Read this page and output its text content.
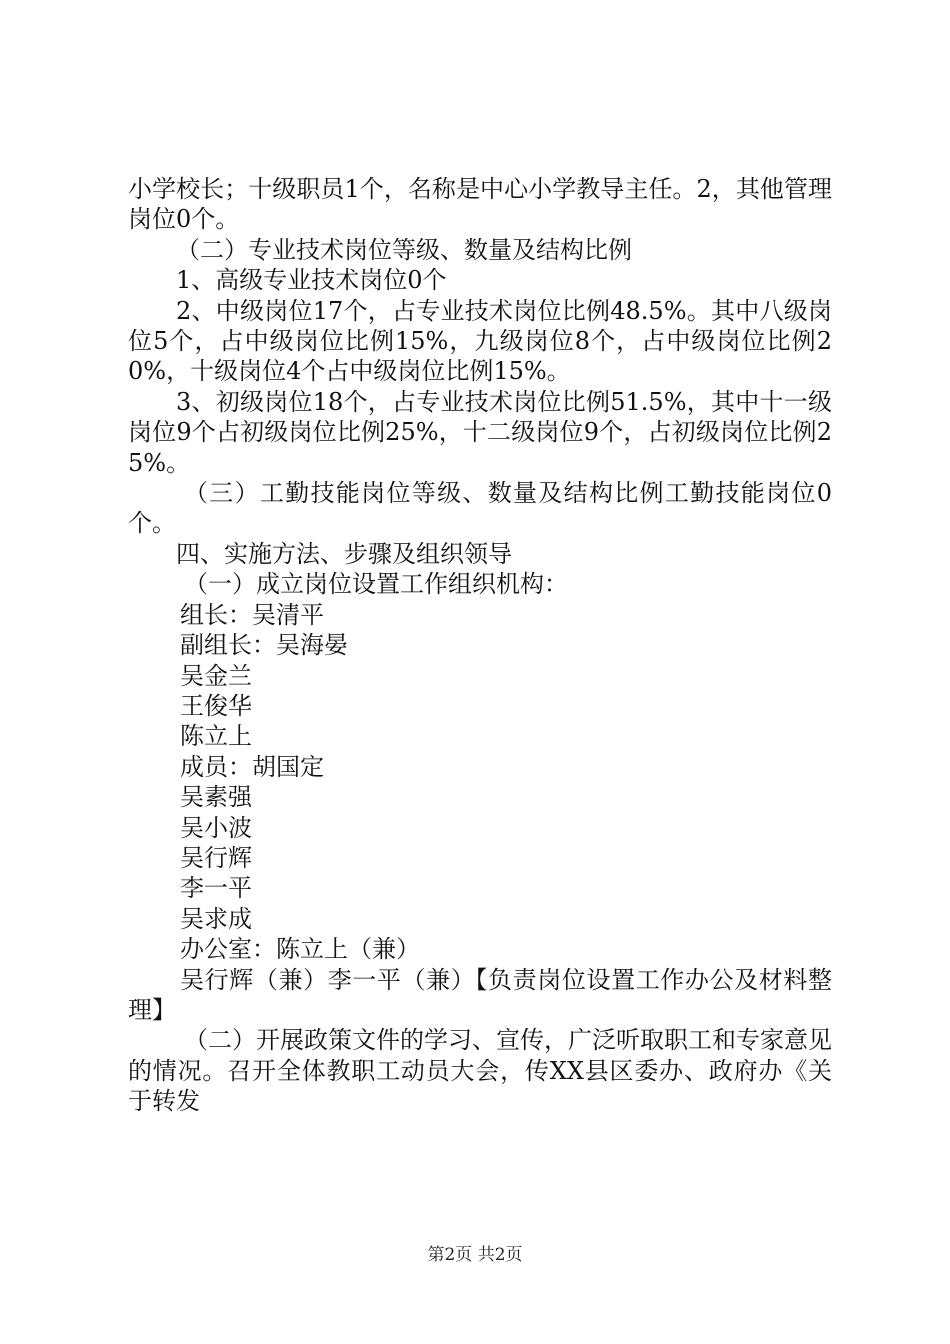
小学校长；十级职员1个，名称是中心小学教导主任。2，其他管理岗位0个。

（二）专业技术岗位等级、数量及结构比例

1、高级专业技术岗位0个

2、中级岗位17个，占专业技术岗位比例48.5%。其中八级岗位5个，占中级岗位比例15%，九级岗位8个，占中级岗位比例20%，十级岗位4个占中级岗位比例15%。

3、初级岗位18个，占专业技术岗位比例51.5%，其中十一级岗位9个占初级岗位比例25%，十二级岗位9个，占初级岗位比例25%。

（三）工勤技能岗位等级、数量及结构比例工勤技能岗位0个。

四、实施方法、步骤及组织领导

（一）成立岗位设置工作组织机构：

组长：吴清平

副组长：吴海晏

吴金兰

王俊华

陈立上

成员：胡国定

吴素强

吴小波

吴行辉

李一平

吴求成

办公室：陈立上（兼）

吴行辉（兼）李一平（兼）【负责岗位设置工作办公及材料整理】

（二）开展政策文件的学习、宣传，广泛听取职工和专家意见的情况。召开全体教职工动员大会，传XX县区委办、政府办《关于转发

第2页 共2页
